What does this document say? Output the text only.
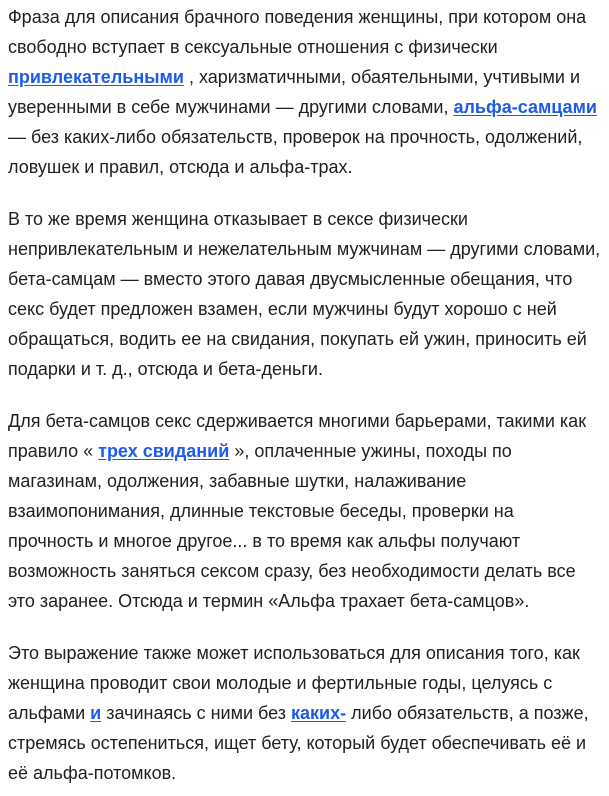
Фраза для описания брачного поведения женщины, при котором она свободно вступает в сексуальные отношения с физически привлекательными , харизматичными, обаятельными, учтивыми и уверенными в себе мужчинами — другими словами, альфа-самцами — без каких-либо обязательств, проверок на прочность, одолжений, ловушек и правил, отсюда и альфа-трах.

В то же время женщина отказывает в сексе физически непривлекательным и нежелательным мужчинам — другими словами, бета-самцам — вместо этого давая двусмысленные обещания, что секс будет предложен взамен, если мужчины будут хорошо с ней обращаться, водить ее на свидания, покупать ей ужин, приносить ей подарки и т. д., отсюда и бета-деньги.

Для бета-самцов секс сдерживается многими барьерами, такими как правило « трех свиданий », оплаченные ужины, походы по магазинам, одолжения, забавные шутки, налаживание взаимопонимания, длинные текстовые беседы, проверки на прочность и многое другое... в то время как альфы получают возможность заняться сексом сразу, без необходимости делать все это заранее. Отсюда и термин «Альфа трахает бета-самцов».

Это выражение также может использоваться для описания того, как женщина проводит свои молодые и фертильные годы, целуясь с альфами и зачинаясь с ними без каких- либо обязательств, а позже, стремясь остепениться, ищет бету, который будет обеспечивать её и её альфа-потомков.
